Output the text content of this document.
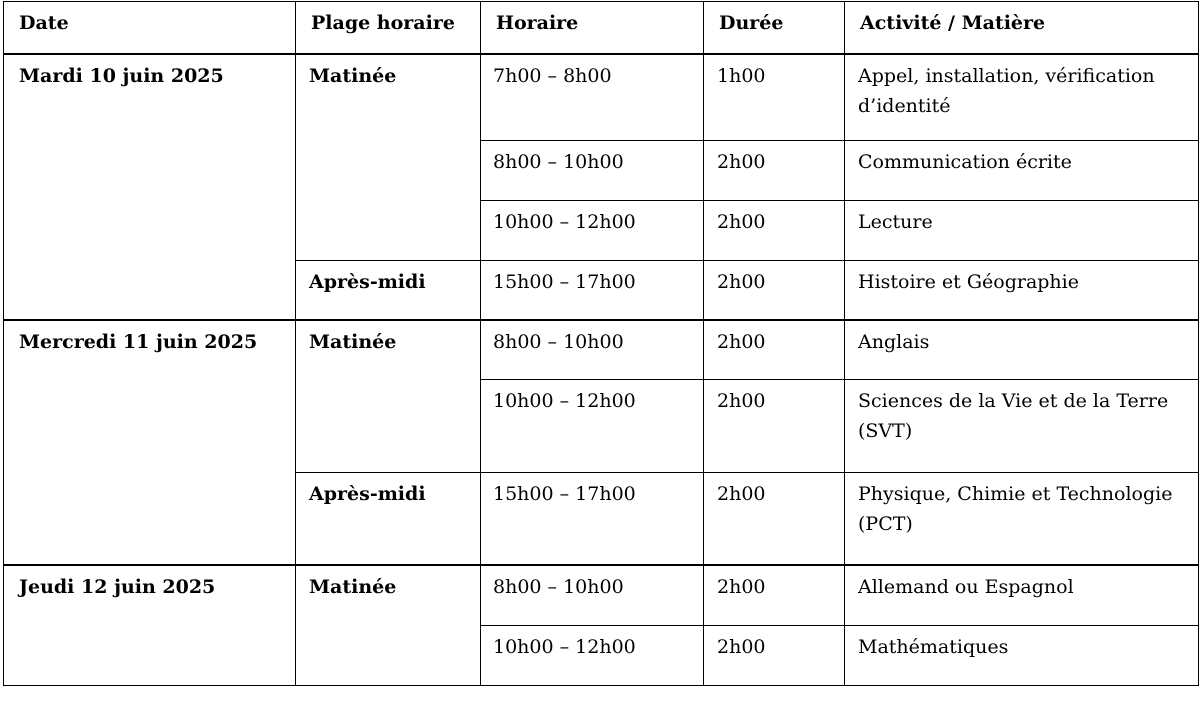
Date	Plage horaire	Horaire	Durée	Activité / Matière
Mardi 10 juin 2025	Matinée	7h00 – 8h00	1h00	Appel, installation, vérification d’identité
		8h00 – 10h00	2h00	Communication écrite
		10h00 – 12h00	2h00	Lecture
	Après-midi	15h00 – 17h00	2h00	Histoire et Géographie
Mercredi 11 juin 2025	Matinée	8h00 – 10h00	2h00	Anglais
		10h00 – 12h00	2h00	Sciences de la Vie et de la Terre (SVT)
	Après-midi	15h00 – 17h00	2h00	Physique, Chimie et Technologie (PCT)
Jeudi 12 juin 2025	Matinée	8h00 – 10h00	2h00	Allemand ou Espagnol
		10h00 – 12h00	2h00	Mathématiques
